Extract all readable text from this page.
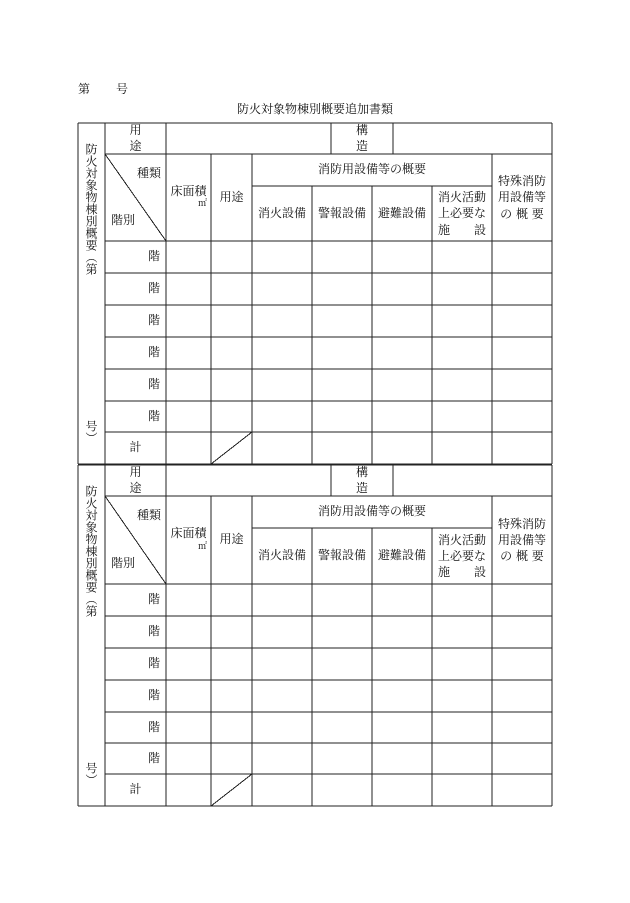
第 号
防火対象物棟別概要追加書類
防火対象物棟別概要（第
号）
用途
構造
種類
階別
床面積
㎡
用途
消防用設備等の概要
消火設備 警報設備 避難設備
消火活動
上必要な
施　　設
特殊消防
用設備等
の 概 要
階
階
階
階
階
階
計
防火対象物棟別概要（第
号）
用途
構造
種類
階別
床面積
㎡
用途
消防用設備等の概要
消火設備 警報設備 避難設備
消火活動
上必要な
施　　設
特殊消防
用設備等
の 概 要
階
階
階
階
階
階
計
